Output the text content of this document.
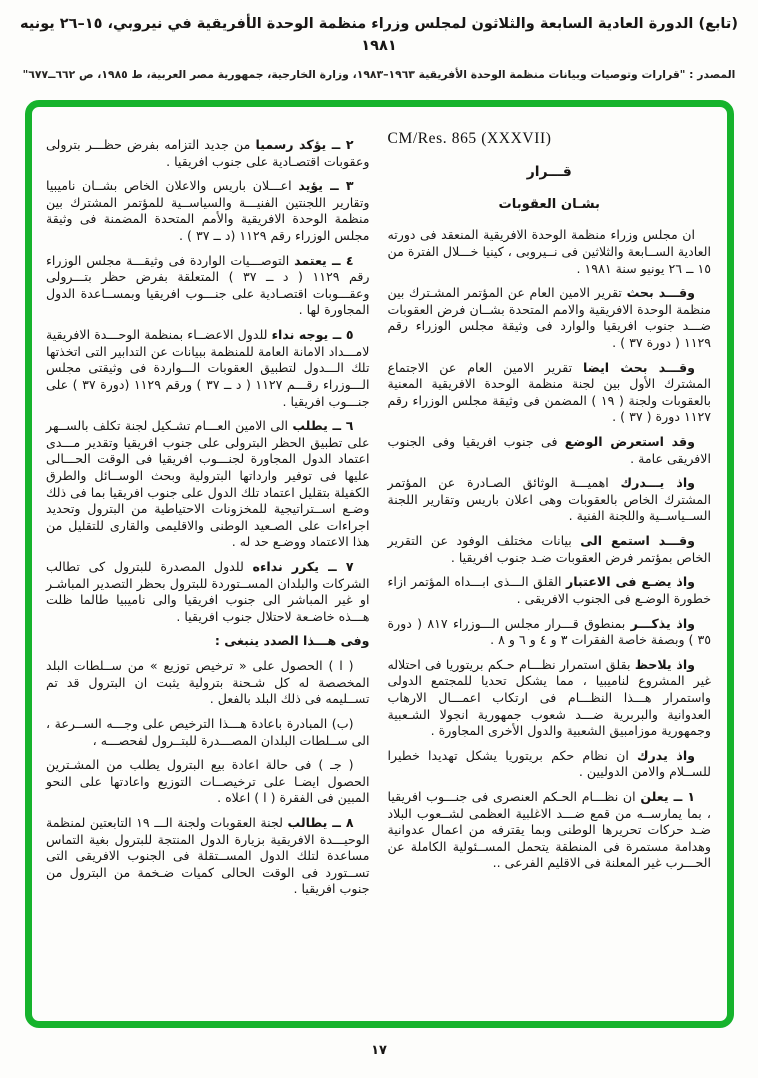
(تابع) الدورة العادية السابعة والثلاثون لمجلس وزراء منظمة الوحدة الأفريقية في نيروبي، ١٥–٢٦ يونيه ١٩٨١
المصدر : "قرارات وتوصيات وبيانات منظمة الوحدة الأفريقية ١٩٦٣–١٩٨٣، وزارة الخارجية، جمهورية مصر العربية، ط ١٩٨٥، ص ٦٦٢ــ٦٧٧"
CM/Res. 865 (XXXVII)
قـــرار
بشـان العقوبات

ان مجلس وزراء منظمة الوحدة الافريقية المنعقد فى دورته العادية الســابعة والثلاثين فى نــيروبى ، كينيا خـــلال الفترة من ١٥ ــ ٢٦ يونيو سنة ١٩٨١ .

وقـــد بحث تقرير الامين العام عن المؤتمر المشـترك بين منظمة الوحدة الافريقية والامم المتحدة بشــان فرض العقوبات ضـــد جنوب افريقيا والوارد فى وثيقة مجلس الوزراء رقم ١١٢٩ ( دورة ٣٧ ) .

وقـــد بحث ايضا تقرير الامين العام عن الاجتماع المشترك الأول بين لجنة منظمة الوحدة الافريقية المعنية بالعقوبات ولجنة ( ١٩ ) المضمن فى وثيقة مجلس الوزراء رقم ١١٢٧ دورة ( ٣٧ ) .

وقد استعرض الوضع فى جنوب افريقيا وفى الجنوب الافريقى عامة .

واذ يـــدرك اهميـــة الوثائق الصـادرة عن المؤتمر المشترك الخاص بالعقوبات وهى اعلان باريس وتقارير اللجنة الســياســية واللجنة الفنية .

وقـــد استمع الى بيانات مختلف الوفود عن التقرير الخاص بمؤتمر فرض العقوبات ضـد جنوب افريقيا .

واذ يضـع فى الاعتبار القلق الـــذى ابـــداه المؤتمر ازاء خطورة الوضـع فى الجنوب الافريقى .

واذ يذكـــر بمنطوق قـــرار مجلس الـــوزراء ٨١٧ ( دورة ٣٥ ) وبصفة خاصة الفقرات ٣ و ٤ و ٦ و ٨ .

واذ يلاحظ بقلق استمرار نظـــام حـكم بريتوريا فى احتلاله غير المشروع لناميبيا ، مما يشكل تحديا للمجتمع الدولى واستمرار هـــذا النظـــام فى ارتكاب اعمـــال الارهاب العدوانية والبربرية ضـــد شعوب جمهورية انجولا الشـعبية وجمهورية موزامبيق الشعبية والدول الأخرى المجاورة .

واذ يدرك ان نظام حكم بريتوريا يشكل تهديدا خطيرا للســلام والامن الدوليين .

١ ــ يعلن ان نظـــام الحـكم العنصرى فى جنـــوب افريقيا ، بما يمارســه من قمع ضـــد الاغلبية العظمى لشــعوب البلاد ضـد حركات تحريرها الوطنى وبما يقترفه من اعمال عدوانية وهدامة مستمرة فى المنطقة يتحمل المســئولية الكاملة عن الحـــرب غير المعلنة فى الاقليم الفرعى ..

٢ ــ يؤكد رسميا من جديد التزامه بفرض حظـــر بترولى وعقوبات اقتصـادية على جنوب افريقيا .

٣ ــ يؤيد اعـــلان باريس والاعلان الخاص بشــان ناميبيا وتقارير اللجنتين الفنيـــة والسياســية للمؤتمر المشترك بين منظمة الوحدة الافريقية والأمم المتحدة المضمنة فى وثيقة مجلس الوزراء رقم ١١٢٩ (د ــ ٣٧ ) .

٤ ــ يعتمد التوصـــيات الواردة فى وثيقـــة مجلس الوزراء رقم ١١٢٩ ( د ــ ٣٧ ) المتعلقة بفرض حظر بتـــرولى وعقـــوبات اقتصـادية على جنـــوب افريقيا وبمســاعدة الدول المجاورة لها .

٥ ــ يوجه نداء للدول الاعضــاء بمنظمة الوحـــدة الافريقية لامـــداد الامانة العامة للمنظمة ببيانات عن التدابير التى اتخذتها تلك الـــدول لتطبيق العقوبات الـــواردة فى وثيقتى مجلس الـــوزراء رقـــم ١١٢٧ ( د ــ ٣٧ ) ورقم ١١٢٩ (دورة ٣٧ ) على جنـــوب افريقيا .

٦ ــ يطلب الى الامين العـــام تشـكيل لجنة تكلف بالســهر على تطبيق الحظر البترولى على جنوب افريقيا وتقدير مـــدى اعتماد الدول المجاورة لجنـــوب افريقيا فى الوقت الحـــالى عليها فى توفير وارداتها البترولية وبحث الوســائل والطرق الكفيلة بتقليل اعتماد تلك الدول على جنوب افريقيا بما فى ذلك وضـع اســتراتيجية للمخزونات الاحتياطية من البترول وتحديد اجراءات على الصـعيد الوطنى والاقليمى والقارى للتقليل من هذا الاعتماد ووضـع حد له .

٧ ــ يكرر نداءه للدول المصدرة للبترول كى تطالب الشركات والبلدان المســتوردة للبترول بحظر التصدير المباشـر او غير المباشر الى جنوب افريقيا والى ناميبيا طالما ظلت هـــذه خاضـعة لاحتلال جنوب افريقيا .

وفى هـــذا الصدد ينبغى :

( ا ) الحصول على « ترخيص توزيع » من ســلطات البلد المخصصة له كل شـحنة بترولية يثبت ان البترول قد تم تســليمه فى ذلك البلد بالفعل .

(ب) المبادرة باعادة هـــذا الترخيص على وجـــه الســرعة ، الى ســلطات البلدان المصـــدرة للبتــرول لفحصـــه ،

( جـ ) فى حالة اعادة بيع البترول يطلب من المشـترين الحصول ايضـا على ترخيصــات التوزيع واعادتها على النحو المبين فى الفقرة ( ا ) اعلاه .

٨ ــ يطالب لجنة العقوبات ولجنة الـــ ١٩ التابعتين لمنظمة الوحيـــدة الافريقية بزيارة الدول المنتجة للبترول بغية التماس مساعدة لتلك الدول المســتقلة فى الجنوب الافريقى التى تســتورد فى الوقت الحالى كميات ضـخمة من البترول من جنوب افريقيا .

١٧
